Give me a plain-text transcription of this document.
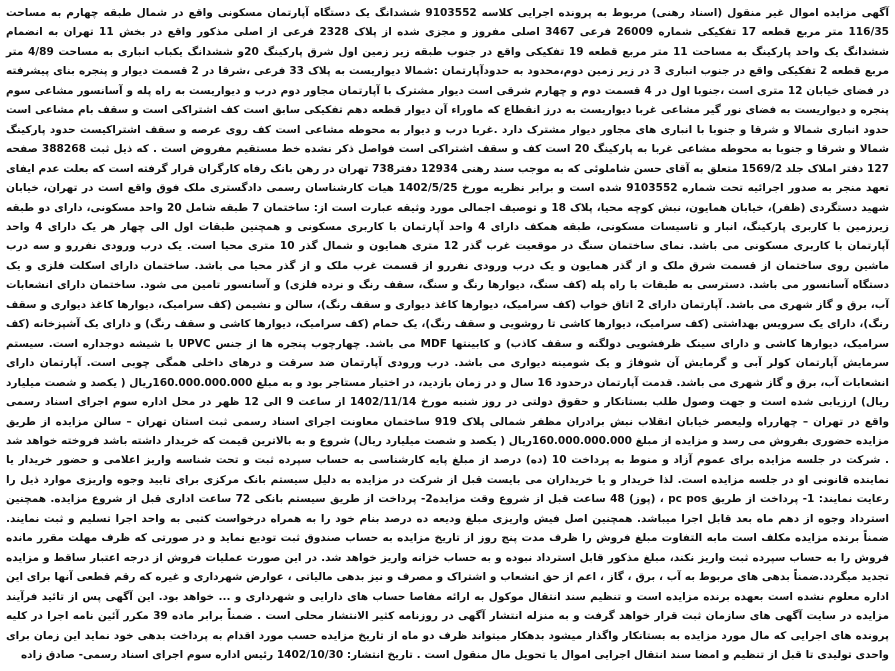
آگهی مزایده اموال غیر منقول (اسناد رهنی) مربوط به پرونده اجرایی کلاسه 9103552 ششدانگ یک دستگاه آپارتمان مسکونی واقع در شمال طبقه چهارم به مساحت 116/35 متر مربع قطعه 17 تفکیکی شماره 26009 فرعی 3467 اصلی مفروز و مجزی شده از پلاک 2328 فرعی از اصلی مذکور واقع در بخش 11 تهران به انضمام ششدانگ یک واحد پارکینگ به مساحت 11 متر مربع قطعه 19 تفکیکی واقع در جنوب طبقه زیر زمین اول شرق پارکینگ 20و ششدانگ یکباب انباری به مساحت 4/89 متر مربع قطعه 2 تفکیکی واقع در جنوب انباری 3 در زیر زمین دوم،محدود به حدودآپارتمان :شمالا دیواریست به پلاک 33 فرعی ،شرقا در 2 قسمت دیوار و پنجره بنای پیشرفته در فضای خیابان 12 متری است ،جنوبا اول در 4 قسمت دوم و چهارم شرقی است دیوار مشترک با آپارتمان مجاور دوم درب و دیواریست به راه پله و آسانسور مشاعی سوم پنجره و دیواریست به فضای نور گیر مشاعی غربا دیواریست به درز انقطاع که ماوراء آن دیوار قطعه دهم تفکیکی سابق است کف اشتراکی است و سقف بام مشاعی است حدود انباری شمالا و شرقا و جنوبا با انباری های مجاور دیوار مشترک دارد .غربا درب و دیوار به محوطه مشاعی است کف روی عرصه و سقف اشتراکیست حدود پارکینگ شمالا و شرقا و جنوبا به محوطه مشاعی غربا به پارکینگ 20 است کف و سقف اشتراکی است فواصل ذکر نشده خط مستقیم مفروض است . که ذیل ثبت 388268 صفحه 127 دفتر املاک جلد 1569/2 متعلق به آقای حسن شاملوئی که به موجب سند رهنی 12934 دفتر738 تهران در رهن بانک رفاه کارگران قرار گرفته است که بعلت عدم ایفای تعهد منجر به صدور اجرائیه تحت شماره 9103552 شده است و برابر نظریه مورخ 1402/5/25 هیات کارشناسان رسمی دادگستری ملک فوق واقع است در تهران، خیابان شهید دستگردی (ظفر)، خیابان همایون، نبش کوچه محیا، پلاک 18 و توصیف اجمالی مورد وثیقه عبارت است از: ساختمان 7 طبقه شامل 20 واحد مسکونی، دارای دو طبقه زیرزمین با کاربری پارکینگ، انبار و تاسیسات مسکونی، طبقه همکف دارای 4 واحد آپارتمان با کاربری مسکونی و همچنین طبقات اول الی چهار هر یک دارای 4 واحد آپارتمان با کاربری مسکونی می باشد. نمای ساختمان سنگ در موقعیت غرب گذر 12 متری همایون و شمال گذر 10 متری محیا است. یک درب ورودی نفررو و سه درب ماشین روی ساختمان از قسمت شرق ملک و از گذر همایون و یک درب ورودی نفررو از قسمت غرب ملک و از گذر محیا می باشد. ساختمان دارای اسکلت فلزی و یک دستگاه آسانسور می باشد. دسترسی به طبقات با راه پله (کف سنگ، دیوارها رنگ و سنگ، سقف رنگ و نرده فلزی) و آسانسور تامین می شود. ساختمان دارای انشعابات آب، برق و گاز شهری می باشد. آپارتمان دارای 2 اتاق خواب (کف سرامیک، دیوارها کاغذ دیواری و سقف رنگ)، سالن و نشیمن (کف سرامیک، دیوارها کاغذ دیواری و سقف رنگ)، دارای یک سرویس بهداشتی (کف سرامیک، دیوارها کاشی تا روشویی و سقف رنگ)، یک حمام (کف سرامیک، دیوارها کاشی و سقف رنگ) و دارای یک آشپزخانه (کف سرامیک، دیوارها کاشی و دارای سینک ظرفشویی دولگنه و سقف کاذب) و کابینتها MDF می باشد. چهارچوب پنجره ها از جنس UPVC با شیشه دوجداره است. سیستم سرمایش آپارتمان کولر آبی و گرمایش آن شوفاژ و یک شومینه دیواری می باشد. درب ورودی آپارتمان ضد سرقت و درهای داخلی همگی چوبی است. آپارتمان دارای انشعابات آب، برق و گاز شهری می باشد. قدمت آپارتمان درحدود 16 سال و در زمان بازدید، در اختیار مستاجر بود و به مبلغ 160.000.000.000ریال ( یکصد و شصت میلیارد ریال) ارزیابی شده است و جهت وصول طلب بستانکار و حقوق دولتی در روز شنبه مورخ 1402/11/14 از ساعت 9 الی 12 ظهر در محل اداره سوم اجرای اسناد رسمی واقع در تهران – چهارراه ولیعصر خیابان انقلاب نبش برادران مظفر شمالی پلاک 919 ساختمان معاونت اجرای اسناد رسمی ثبت استان تهران – سالن مزایده از طریق مزایده حضوری بفروش می رسد و مزایده از مبلغ 160.000.000.000ریال ( یکصد و شصت میلیارد ریال) شروع و به بالاترین قیمت که خریدار داشته باشد فروخته خواهد شد . شرکت در جلسه مزایده برای عموم آزاد و منوط به پرداخت 10 (ده) درصد از مبلغ پایه کارشناسی به حساب سپرده ثبت و تحت شناسه واریز اعلامی و حضور خریدار یا نماینده قانونی او در جلسه مزایده است. لذا خریدار و یا خریداران می بایست قبل از شرکت در مزایده به دلیل سیستم بانک مرکزی برای تایید وجوه واریزی موارد ذیل را رعایت نمایند: 1- پرداخت از طریق pc pos ، (پوز) 48 ساعت قبل از شروع وقت مزایده2- پرداخت از طریق سیستم بانکی 72 ساعت اداری قبل از شروع مزایده. همچنین استرداد وجوه از دهم ماه بعد قابل اجرا میباشد. همچنین اصل فیش واریزی مبلغ ودیعه ده درصد بنام خود را به همراه درخواست کتبی به واحد اجرا تسلیم و ثبت نمایند. ضمناً برنده مزایده مکلف است مابه التفاوت مبلغ فروش را ظرف مدت پنج روز از تاریخ مزایده به حساب صندوق ثبت تودیع نماید و در صورتی که ظرف مهلت مقرر مانده فروش را به حساب سپرده ثبت واریز نکند، مبلغ مذکور قابل استرداد نبوده و به حساب خزانه واریز خواهد شد. در این صورت عملیات فروش از درجه اعتبار ساقط و مزایده تجدید میگردد.ضمناً بدهی های مربوط به آب ، برق ، گاز ، اعم از حق انشعاب و اشتراک و مصرف و نیز بدهی مالیاتی ، عوارض شهرداری و غیره که رقم قطعی آنها برای این اداره معلوم نشده است بعهده برنده مزایده است و تنظیم سند انتقال موکول به ارائه مفاصا حساب های دارایی و شهرداری و ... خواهد بود. این آگهی پس از تائید فرآیند مزایده در سایت آگهی های سازمان ثبت قرار خواهد گرفت و به منزله انتشار آگهی در روزنامه کثیر الانتشار محلی است . ضمناً برابر ماده 39 مکرر آئین نامه اجرا در کلیه پرونده های اجرایی که مال مورد مزایده به بستانکار واگذار میشود بدهکار میتواند ظرف دو ماه از تاریخ مزایده حسب مورد اقدام به پرداخت بدهی خود نماید این زمان برای واحدی تولیدی تا قبل از تنظیم و امضا سند انتقال اجرایی اموال یا تحویل مال منقول است . تاریخ انتشار: 1402/10/30 رئیس اداره سوم اجرای اسناد رسمی- صادق زاده
